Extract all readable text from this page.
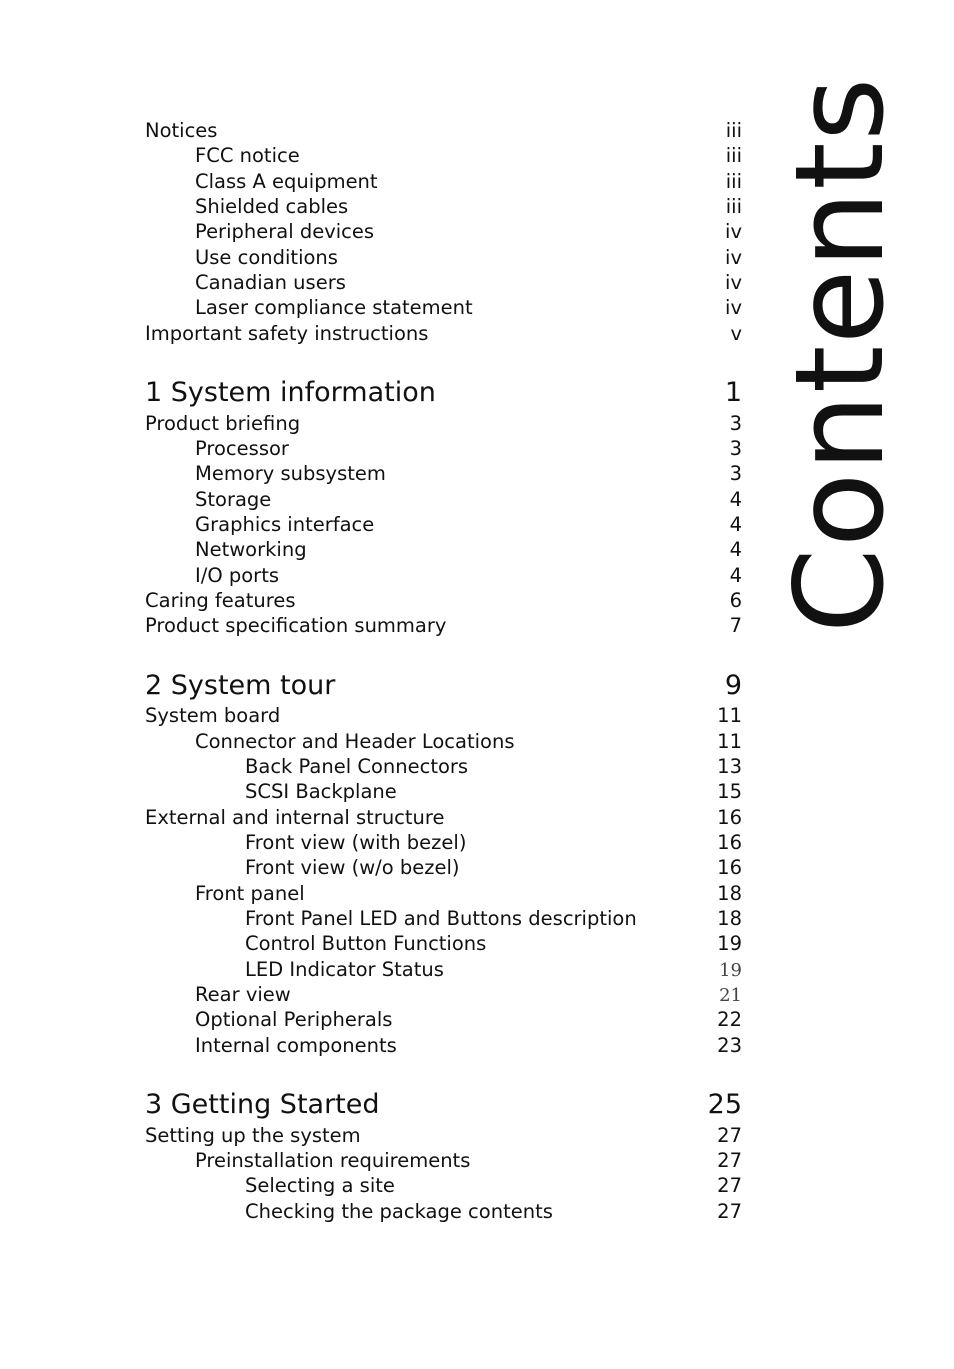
Contents
Notices	iii
FCC notice	iii
Class A equipment	iii
Shielded cables	iii
Peripheral devices	iv
Use conditions	iv
Canadian users	iv
Laser compliance statement	iv
Important safety instructions	v
1 System information	1
Product briefing	3
Processor	3
Memory subsystem	3
Storage	4
Graphics interface	4
Networking	4
I/O ports	4
Caring features	6
Product specification summary	7
2 System tour	9
System board	11
Connector and Header Locations	11
Back Panel Connectors	13
SCSI Backplane	15
External and internal structure	16
Front view (with bezel)	16
Front view (w/o bezel)	16
Front panel	18
Front Panel LED and Buttons description	18
Control Button Functions	19
LED Indicator Status	19
Rear view	21
Optional Peripherals	22
Internal components	23
3 Getting Started	25
Setting up the system	27
Preinstallation requirements	27
Selecting a site	27
Checking the package contents	27
